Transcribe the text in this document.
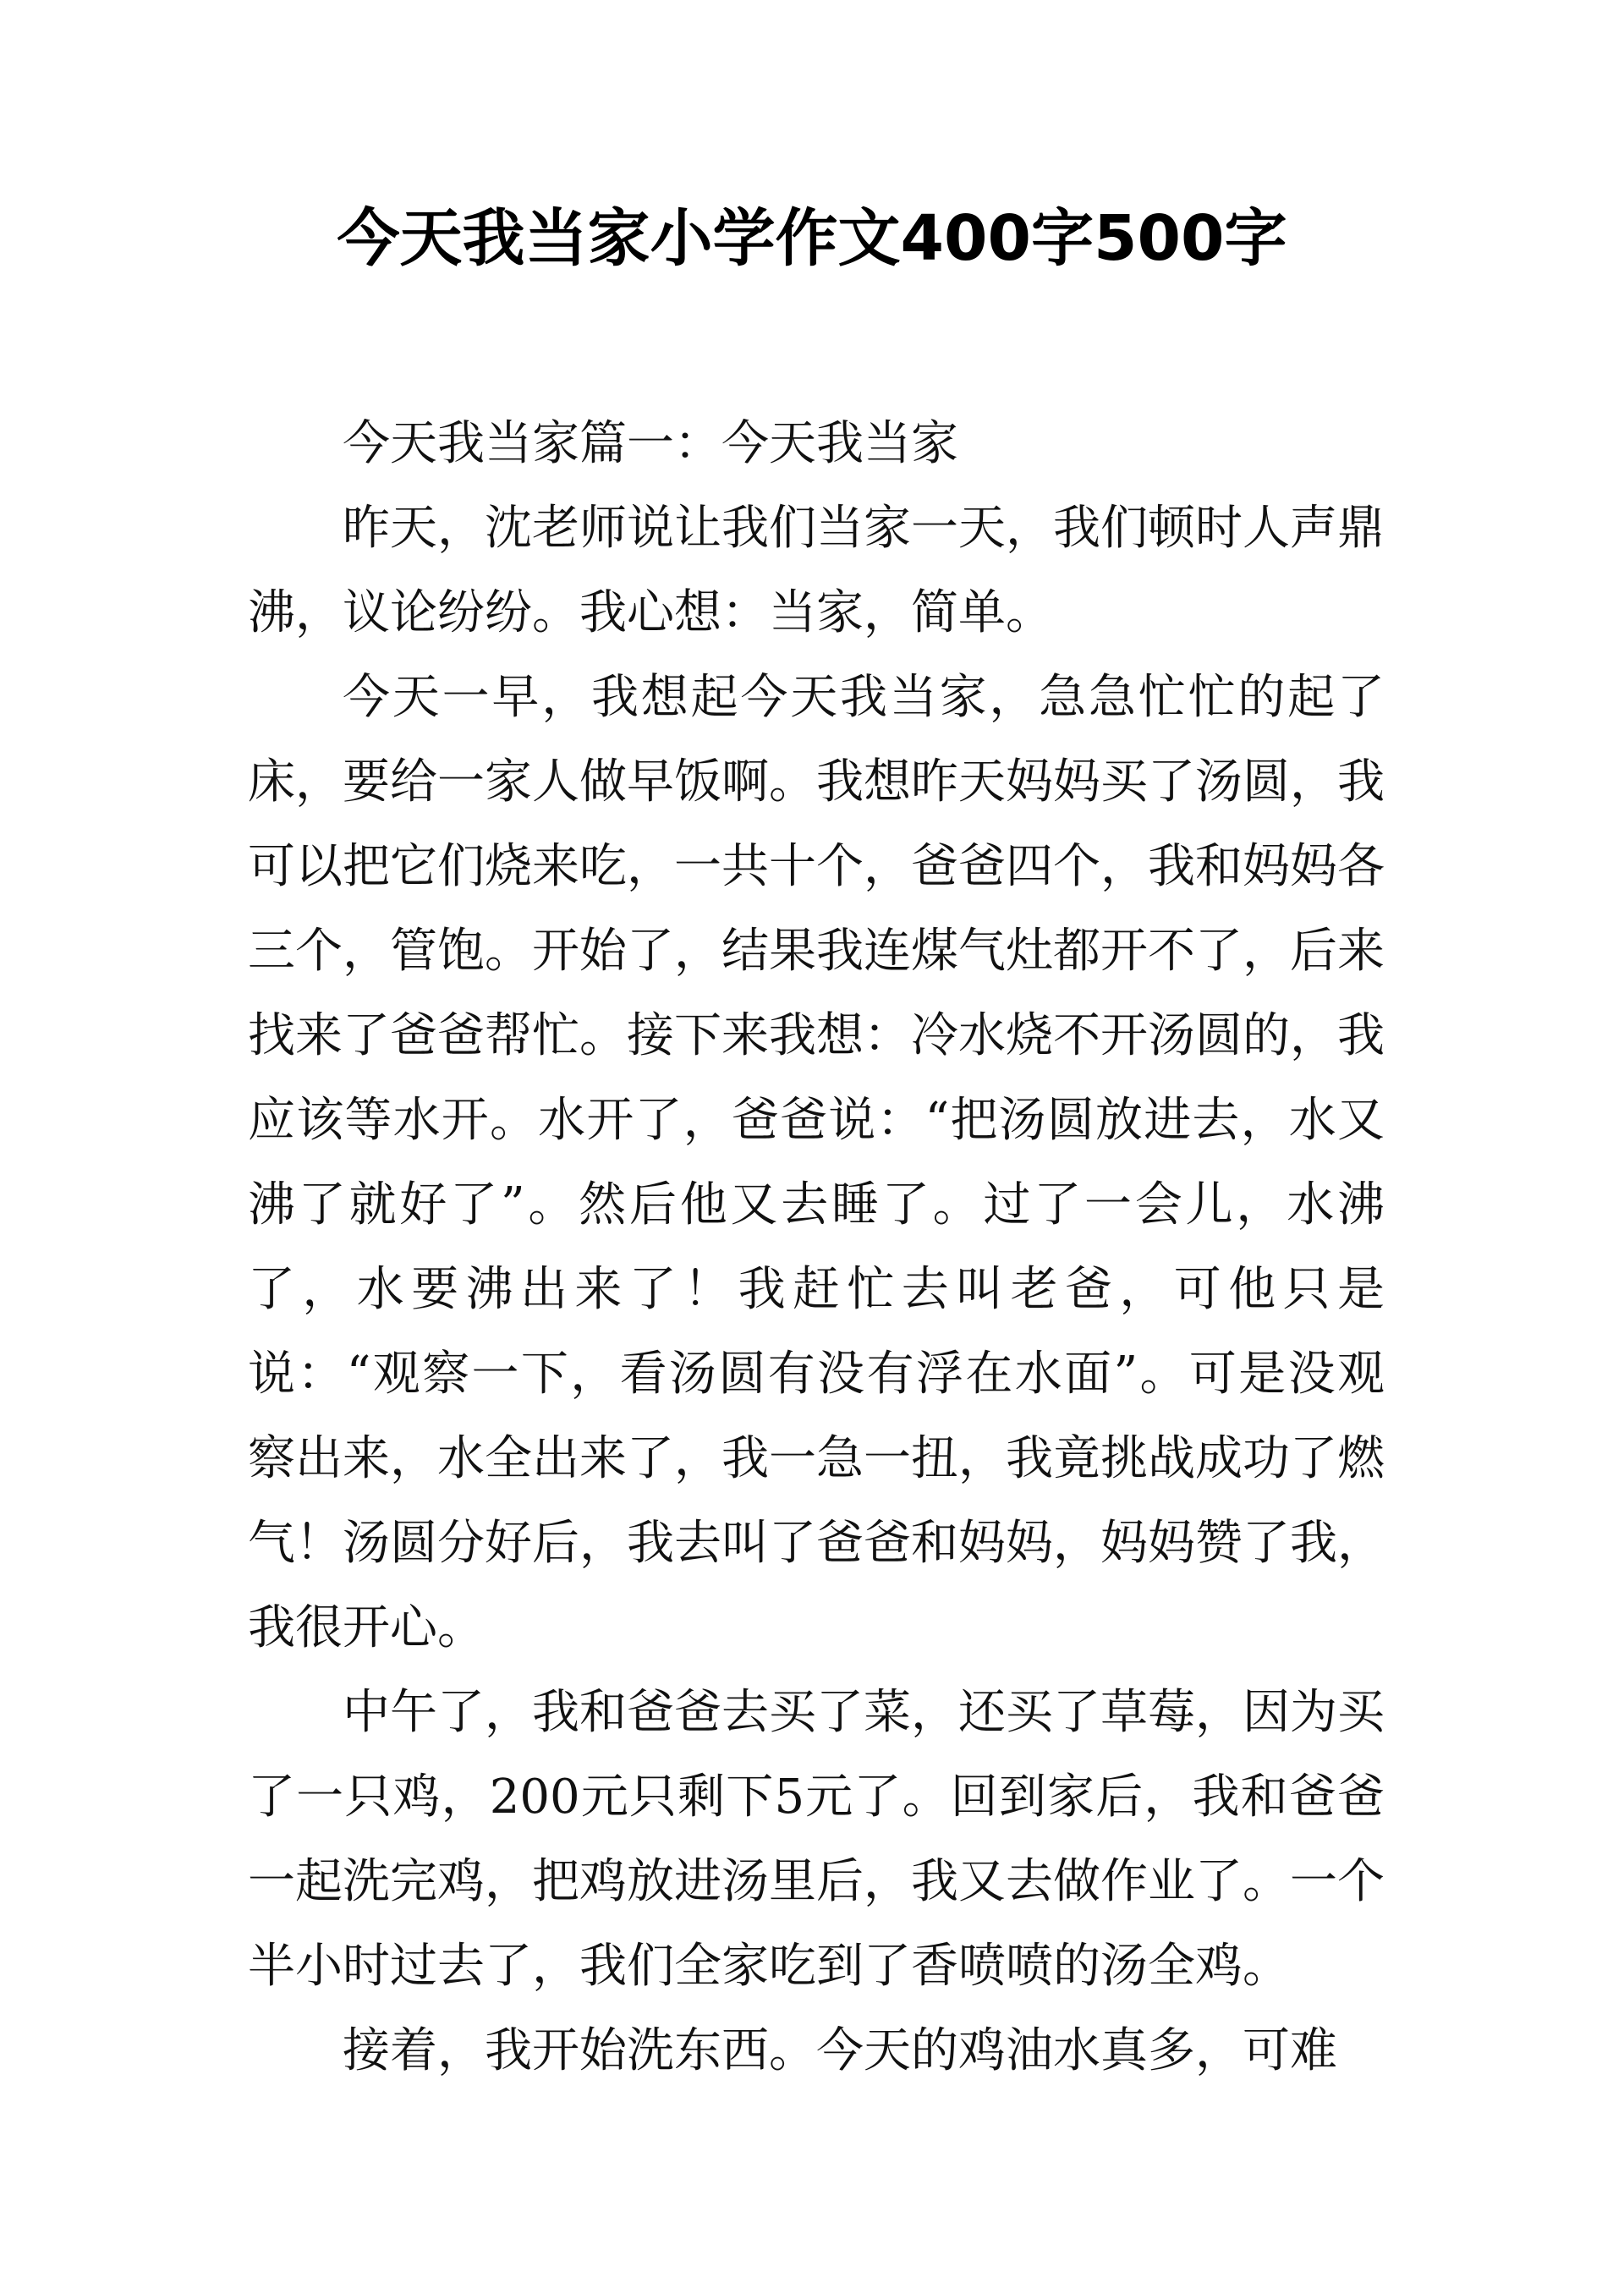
今天我当家小学作文400字500字

今天我当家篇一：今天我当家

昨天，沈老师说让我们当家一天，我们顿时人声鼎沸，议论纷纷。我心想：当家，简单。

今天一早，我想起今天我当家，急急忙忙的起了床，要给一家人做早饭啊。我想昨天妈妈买了汤圆，我可以把它们烧来吃，一共十个，爸爸四个，我和妈妈各三个，管饱。开始了，结果我连煤气灶都开不了，后来找来了爸爸帮忙。接下来我想：冷水烧不开汤圆的，我应该等水开。水开了，爸爸说：“把汤圆放进去，水又沸了就好了”。然后他又去睡了。过了一会儿，水沸了，水要沸出来了！我赶忙去叫老爸，可他只是说：“观察一下，看汤圆有没有浮在水面”。可是没观察出来，水全出来了，我一急一扭，我竟挑战成功了燃气！汤圆分好后，我去叫了爸爸和妈妈，妈妈赞了我，我很开心。

中午了，我和爸爸去买了菜，还买了草莓，因为买了一只鸡，200元只剩下5元了。回到家后，我和爸爸一起洗完鸡，把鸡放进汤里后，我又去做作业了。一个半小时过去了，我们全家吃到了香喷喷的汤全鸡。

接着，我开始洗东西。今天的鸡油水真多，可难
